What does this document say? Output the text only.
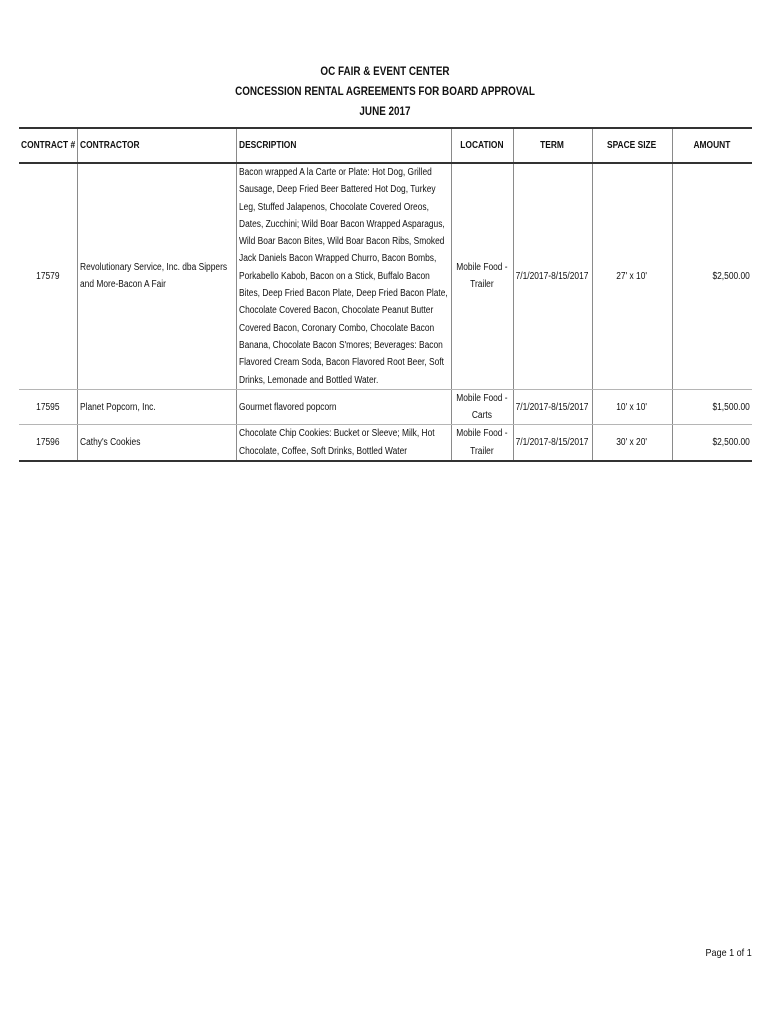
OC FAIR & EVENT CENTER
CONCESSION RENTAL AGREEMENTS FOR BOARD APPROVAL
JUNE 2017
CONTRACT #	CONTRACTOR	DESCRIPTION	LOCATION	TERM	SPACE SIZE	AMOUNT
17579	Revolutionary Service, Inc. dba Sippers and More-Bacon A Fair	Bacon wrapped A la Carte or Plate: Hot Dog, Grilled Sausage, Deep Fried Beer Battered Hot Dog, Turkey Leg, Stuffed Jalapenos, Chocolate Covered Oreos, Dates, Zucchini; Wild Boar Bacon Wrapped Asparagus, Wild Boar Bacon Bites, Wild Boar Bacon Ribs, Smoked Jack Daniels Bacon Wrapped Churro, Bacon Bombs, Porkabello Kabob, Bacon on a Stick, Buffalo Bacon Bites, Deep Fried Bacon Plate, Deep Fried Bacon Plate, Chocolate Covered Bacon, Chocolate Peanut Butter Covered Bacon, Coronary Combo, Chocolate Bacon Banana, Chocolate Bacon S'mores; Beverages: Bacon Flavored Cream Soda, Bacon Flavored Root Beer, Soft Drinks, Lemonade and Bottled Water.	Mobile Food - Trailer	7/1/2017-8/15/2017	27' x 10'	$2,500.00
17595	Planet Popcorn, Inc.	Gourmet flavored popcorn	Mobile Food - Carts	7/1/2017-8/15/2017	10' x 10'	$1,500.00
17596	Cathy's Cookies	Chocolate Chip Cookies: Bucket or Sleeve; Milk, Hot Chocolate, Coffee, Soft Drinks, Bottled Water	Mobile Food - Trailer	7/1/2017-8/15/2017	30' x 20'	$2,500.00
Page 1 of 1
